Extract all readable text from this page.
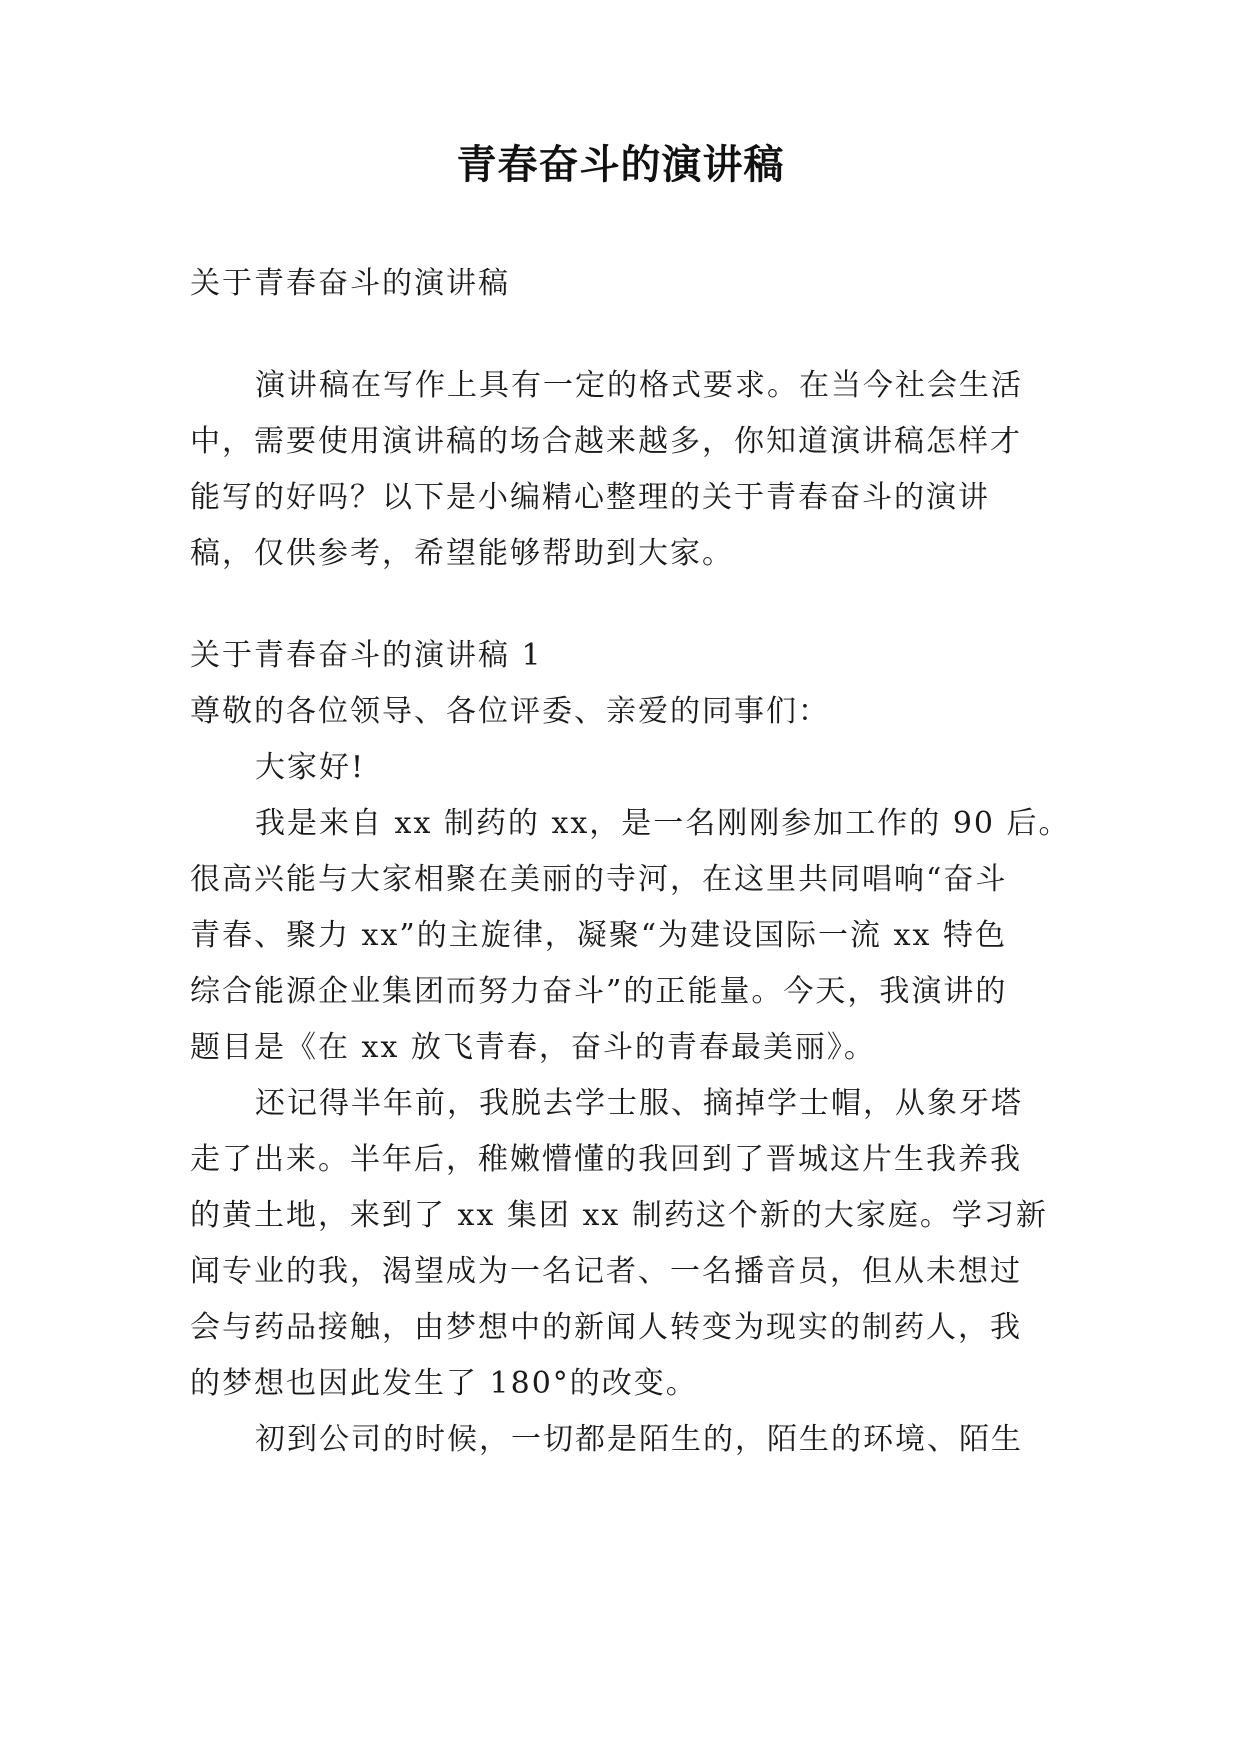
青春奋斗的演讲稿
关于青春奋斗的演讲稿
演讲稿在写作上具有一定的格式要求。在当今社会生活
中，需要使用演讲稿的场合越来越多，你知道演讲稿怎样才
能写的好吗？以下是小编精心整理的关于青春奋斗的演讲
稿，仅供参考，希望能够帮助到大家。
关于青春奋斗的演讲稿 1
尊敬的各位领导、各位评委、亲爱的同事们：
大家好!
我是来自 xx 制药的 xx，是一名刚刚参加工作的 90 后。
很高兴能与大家相聚在美丽的寺河，在这里共同唱响“奋斗
青春、聚力 xx”的主旋律，凝聚“为建设国际一流 xx 特色
综合能源企业集团而努力奋斗”的正能量。今天，我演讲的
题目是《在 xx 放飞青春，奋斗的青春最美丽》。
还记得半年前，我脱去学士服、摘掉学士帽，从象牙塔
走了出来。半年后，稚嫩懵懂的我回到了晋城这片生我养我
的黄土地，来到了 xx 集团 xx 制药这个新的大家庭。学习新
闻专业的我，渴望成为一名记者、一名播音员，但从未想过
会与药品接触，由梦想中的新闻人转变为现实的制药人，我
的梦想也因此发生了 180°的改变。
初到公司的时候，一切都是陌生的，陌生的环境、陌生
